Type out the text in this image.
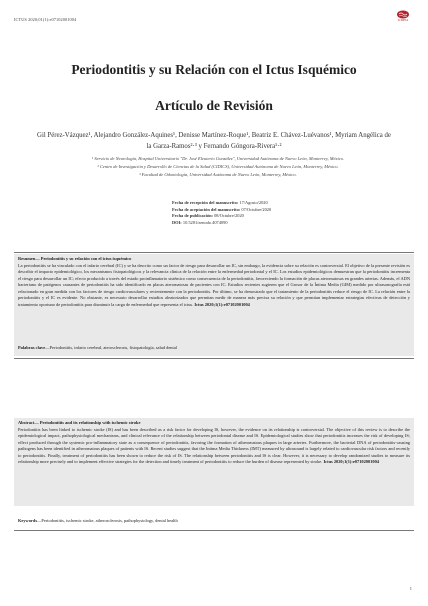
ICTUS 2020;01(1):e07102001004	SCRIPTA
Periodontitis y su Relación con el Ictus Isquémico
Artículo de Revisión
Gil Pérez-Vázquez¹, Alejandro González-Aquines¹, Denisse Martínez-Roque¹, Beatriz E. Chávez-Luévanos¹, Myriam Angélica de la Garza-Ramos²·³ y Fernando Góngora-Rivera¹·²

¹ Servicio de Neurología, Hospital Universitario "Dr. José Eleuterio González", Universidad Autónoma de Nuevo León, Monterrey, México.

² Centro de Investigación y Desarrollo de Ciencias de la Salud (CIDICS), Universidad Autónoma de Nuevo León, Monterrey, México.

³ Facultad de Odontología, Universidad Autónoma de Nuevo León, Monterrey, México.

Fecha de recepción del manuscrito: 17/Agosto/2020
Fecha de aceptación del manuscrito: 07/Octubre/2020
Fecha de publicación: 08/Octubre/2020
DOI: 10.5281/zenodo.4074090
Resumen— Periodontitis y su relación con el ictus isquémico

La periodontitis se ha vinculado con el infarto cerebral (IC) y se ha descrito como un factor de riesgo para desarrollar un IC, sin embargo, la evidencia sobre su relación es controversial. El objetivo de la presente revisión es describir el impacto epidemiológico, los mecanismos fisiopatológicos y la relevancia clínica de la relación entre la enfermedad periodontal y el IC. Los estudios epidemiológicos demuestran que la periodontitis incrementa el riesgo para desarrollar un IC; efecto producido a través del estado proinflamatorio sistémico como consecuencia de la periodontitis, favoreciendo la formación de placas ateromatosas en grandes arterias. Además, el ADN bacteriano de patógenos causantes de periodontitis ha sido identificado en placas ateromatosas de pacientes con IC. Estudios recientes sugieren que el Grosor de la Íntima Media (GIM) medido por ultrasonografía está relacionado en gran medida con los factores de riesgo cardiovasculares y recientemente con la periodontitis. Por último, se ha demostrado que el tratamiento de la periodontitis reduce el riesgo de IC. La relación entre la periodontitis y el IC es evidente. No obstante, es necesario desarrollar estudios aleatorizados que permitan medir de manera más precisa su relación y que permitan implementar estrategias efectivas de detección y tratamiento oportuno de periodontitis para disminuir la carga de enfermedad que representa el ictus. Ictus 2020;1(1):e07102001004

Palabras clave—Periodontitis, infarto cerebral, aterosclerosis, fisiopatología, salud dental
Abstract— Periodontitis and its relationship with ischemic stroke

Periodontitis has been linked to ischemic stroke (IS) and has been described as a risk factor for developing IS, however, the evidence on its relationship is controversial. The objective of this review is to describe the epidemiological impact, pathophysiological mechanisms, and clinical relevance of the relationship between periodontal disease and IS. Epidemiological studies show that periodontitis increases the risk of developing IS; effect produced through the systemic pro-inflammatory state as a consequence of periodontitis, favoring the formation of atheromatous plaques in large arteries. Furthermore, the bacterial DNA of periodontitis-causing pathogens has been identified in atheromatous plaques of patients with IS. Recent studies suggest that the Intima Media Thickness (IMT) measured by ultrasound is largely related to cardiovascular risk factors and recently to periodontitis. Finally, treatment of periodontitis has been shown to reduce the risk of IS. The relationship between periodontitis and IS is clear. However, it is necessary to develop randomized studies to measure its relationship more precisely and to implement effective strategies for the detection and timely treatment of periodontitis to reduce the burden of disease represented by stroke. Ictus 2020;1(1):e07102001004

Keywords—Periodontitis, ischemic stroke, atherosclerosis, pathophysiology, dental health
1
